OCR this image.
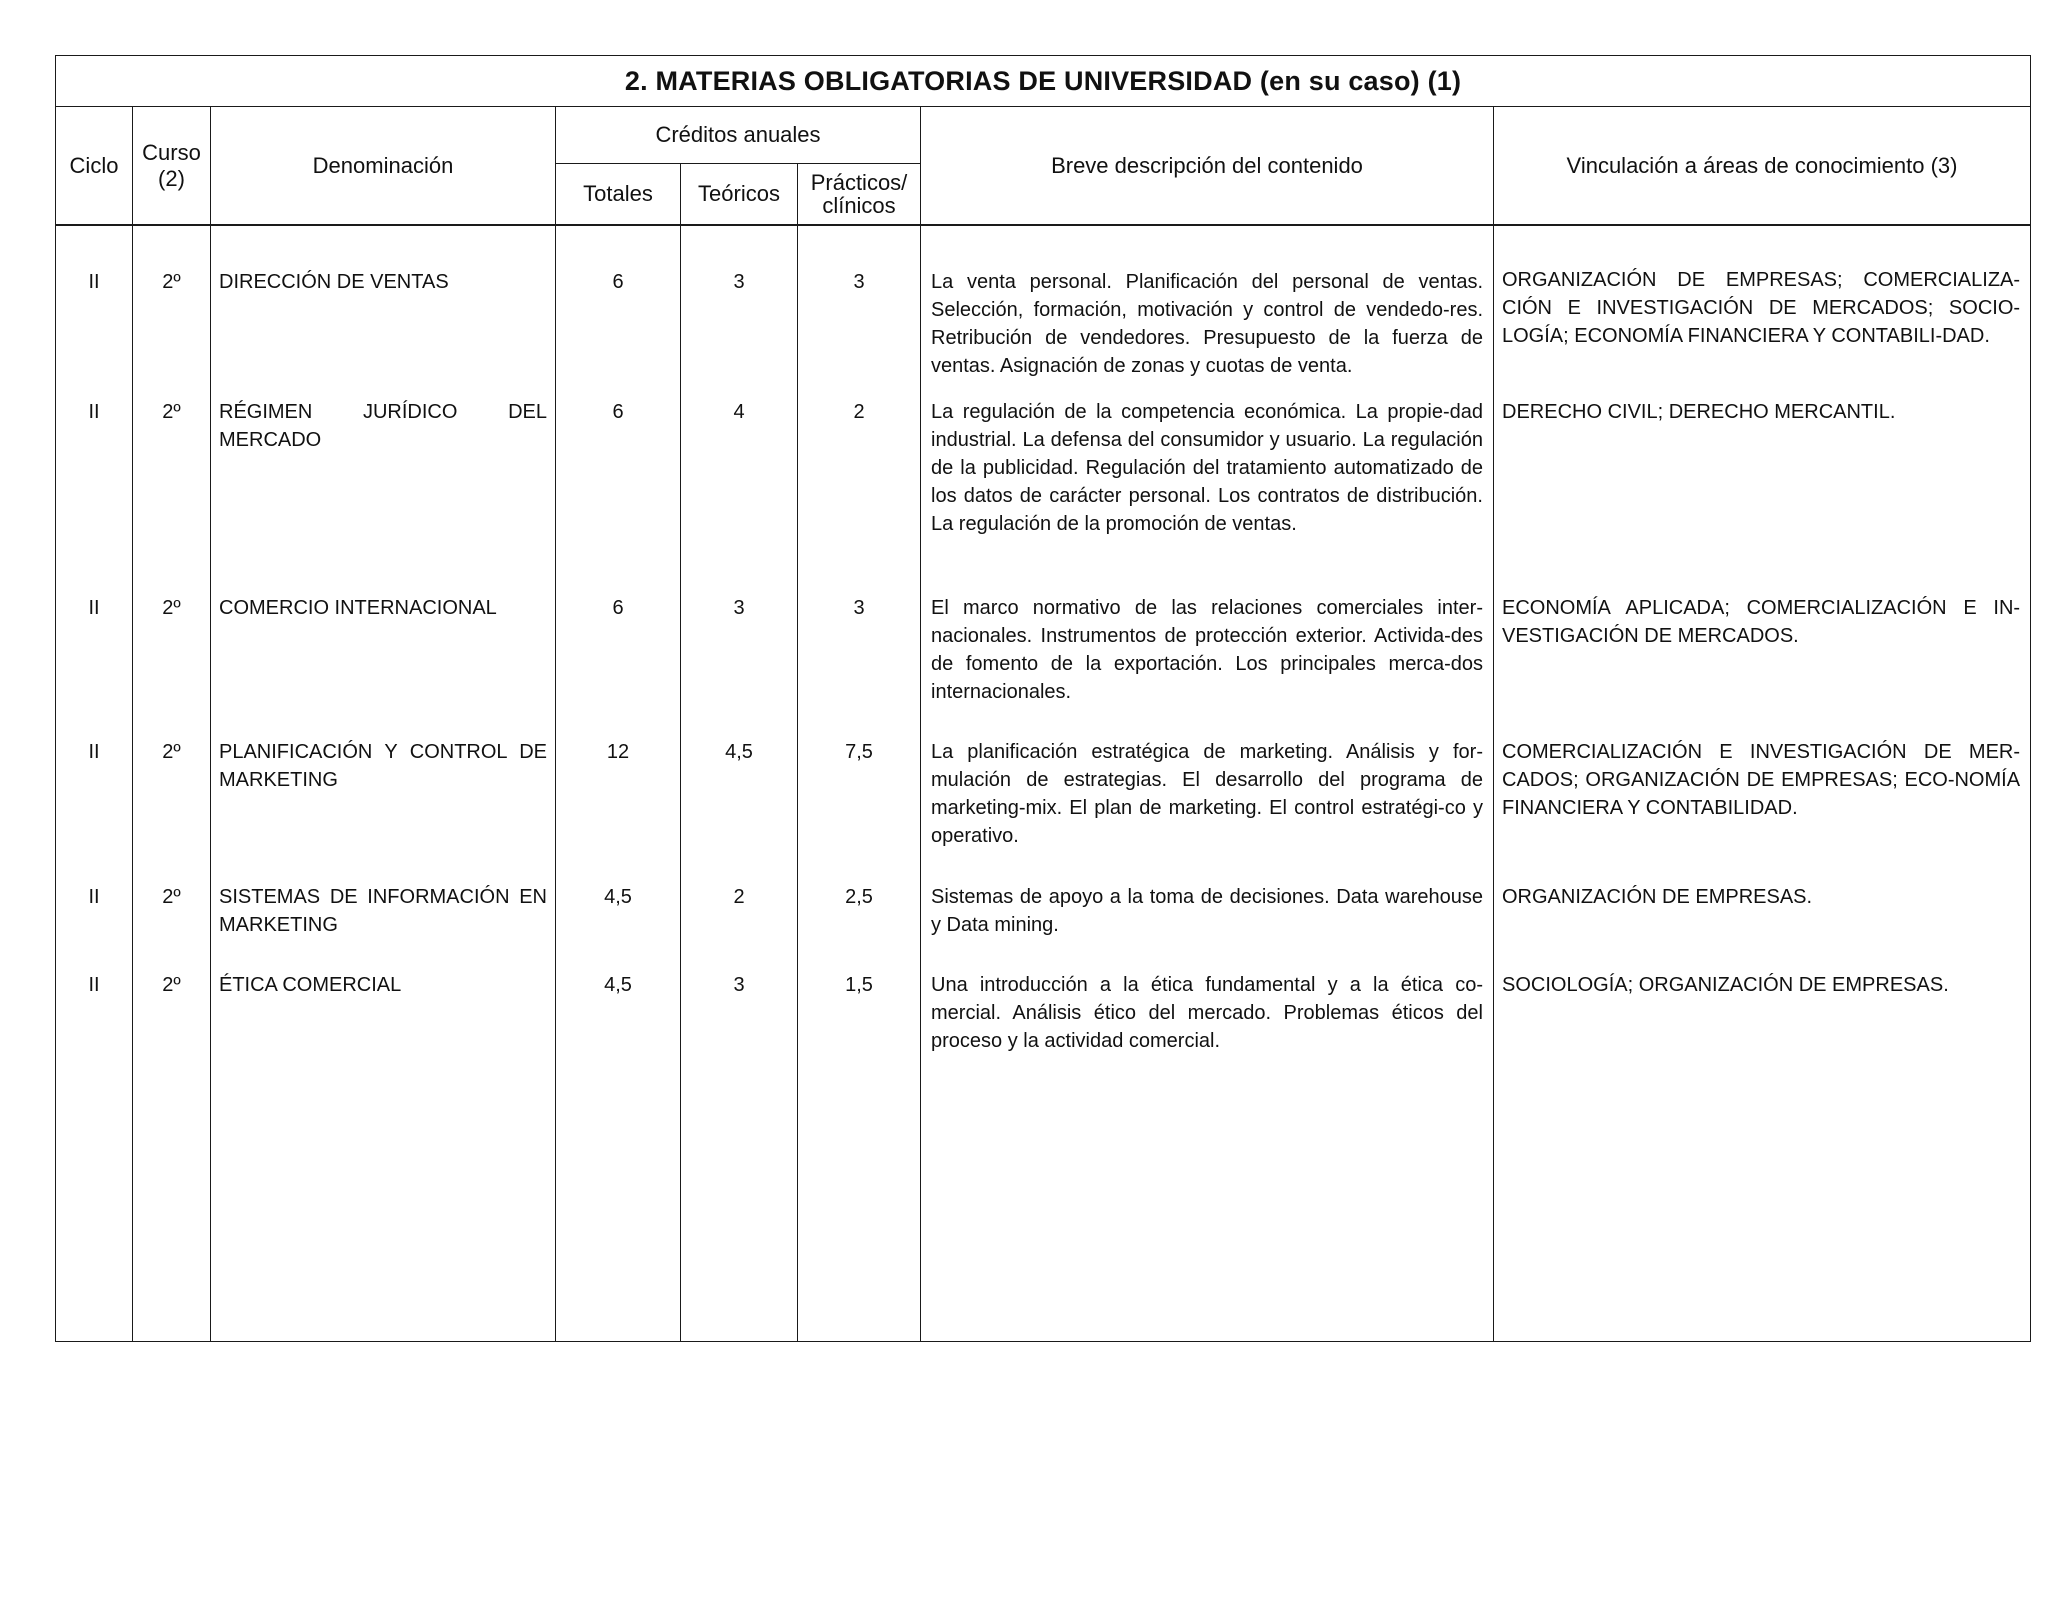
2. MATERIAS OBLIGATORIAS DE UNIVERSIDAD (en su caso) (1)							
Ciclo	Curso (2)	Denominación	Créditos anuales			Breve descripción del contenido	Vinculación a áreas de conocimiento (3)
			Totales	Teóricos	Prácticos/ clínicos		
II	2º	DIRECCIÓN DE VENTAS	6	3	3	La venta personal. Planificación del personal de ventas. Selección, formación, motivación y control de vendedo-res. Retribución de vendedores. Presupuesto de la fuerza de ventas. Asignación de zonas y cuotas de venta.	ORGANIZACIÓN DE EMPRESAS; COMERCIALIZA-CIÓN E INVESTIGACIÓN DE MERCADOS; SOCIO-LOGÍA; ECONOMÍA FINANCIERA Y CONTABILI-DAD.
II	2º	RÉGIMEN JURÍDICO DEL MERCADO	6	4	2	La regulación de la competencia económica. La propie-dad industrial. La defensa del consumidor y usuario. La regulación de la publicidad. Regulación del tratamiento automatizado de los datos de carácter personal. Los contratos de distribución. La regulación de la promoción de ventas.	DERECHO CIVIL; DERECHO MERCANTIL.
II	2º	COMERCIO INTERNACIONAL	6	3	3	El marco normativo de las relaciones comerciales inter-nacionales. Instrumentos de protección exterior. Activida-des de fomento de la exportación. Los principales merca-dos internacionales.	ECONOMÍA APLICADA; COMERCIALIZACIÓN E IN-VESTIGACIÓN DE MERCADOS.
II	2º	PLANIFICACIÓN Y CONTROL DE MARKETING	12	4,5	7,5	La planificación estratégica de marketing. Análisis y for-mulación de estrategias. El desarrollo del programa de marketing-mix. El plan de marketing. El control estratégi-co y operativo.	COMERCIALIZACIÓN E INVESTIGACIÓN DE MER-CADOS; ORGANIZACIÓN DE EMPRESAS; ECO-NOMÍA FINANCIERA Y CONTABILIDAD.
II	2º	SISTEMAS DE INFORMACIÓN EN MARKETING	4,5	2	2,5	Sistemas de apoyo a la toma de decisiones. Data warehouse y Data mining.	ORGANIZACIÓN DE EMPRESAS.
II	2º	ÉTICA COMERCIAL	4,5	3	1,5	Una introducción a la ética fundamental y a la ética co-mercial. Análisis ético del mercado. Problemas éticos del proceso y la actividad comercial.	SOCIOLOGÍA; ORGANIZACIÓN DE EMPRESAS.
